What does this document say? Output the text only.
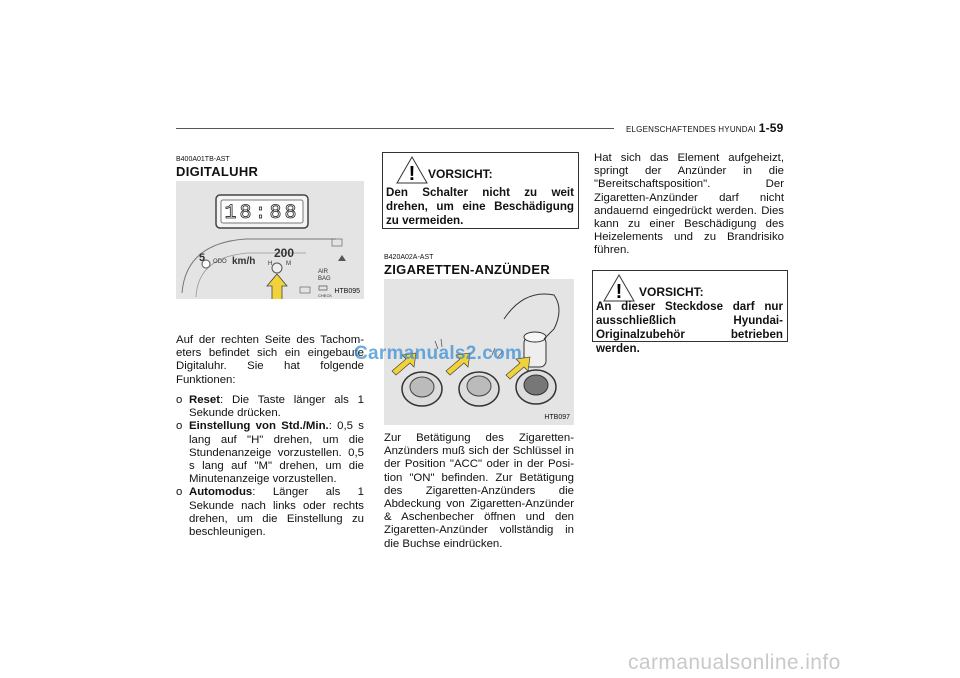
ELGENSCHAFTENDES HYUNDAI 1-59
B400A01TB-AST
DIGITALUHR
18:88
5 ODO km/h
200
H M
AIR
BAG
CHECK
HTB095
Auf der rechten Seite des Tachom-eters befindet sich ein eingebaute Digitaluhr. Sie hat folgende Funktionen:
o Reset: Die Taste länger als 1 Sekunde drücken.
o Einstellung von Std./Min.: 0,5 s lang auf "H" drehen, um die Stundenanzeige vorzustellen. 0,5 s lang auf "M" drehen, um die Minutenanzeige vorzustellen.
o Automodus: Länger als 1 Sekunde nach links oder rechts drehen, um die Einstellung zu beschleunigen.
! VORSICHT:
Den Schalter nicht zu weit drehen, um eine Beschädigung zu vermeiden.
B420A02A-AST
ZIGARETTEN-ANZÜNDER
HTB097
Zur Betätigung des Zigaretten-Anzünders muß sich der Schlüssel in der Position "ACC" oder in der Posi-tion "ON" befinden. Zur Betätigung des Zigaretten-Anzünders die Abdeckung von Zigaretten-Anzünder & Aschenbecher öffnen und den Zigaretten-Anzünder vollständig in die Buchse eindrücken.
Hat sich das Element aufgeheizt, springt der Anzünder in die "Bereitschaftsposition". Der Zigaretten-Anzünder darf nicht andauernd eingedrückt werden. Dies kann zu einer Beschädigung des Heizelements und zu Brandrisiko führen.
! VORSICHT:
An dieser Steckdose darf nur ausschließlich Hyundai-Originalzubehör betrieben werden.
Carmanuals2.com
carmanualsonline.info
